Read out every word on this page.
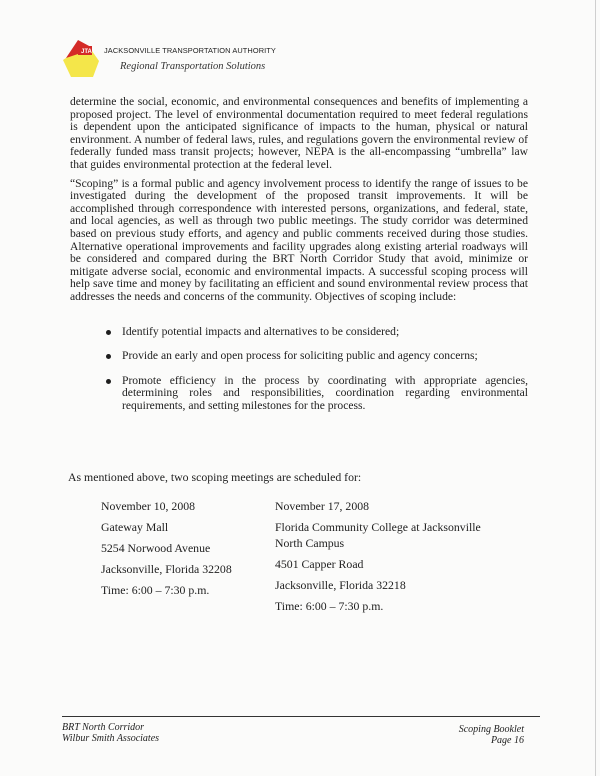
JTA JACKSONVILLE TRANSPORTATION AUTHORITY
Regional Transportation Solutions

determine the social, economic, and environmental consequences and benefits of implementing a proposed project. The level of environmental documentation required to meet federal regulations is dependent upon the anticipated significance of impacts to the human, physical or natural environment. A number of federal laws, rules, and regulations govern the environmental review of federally funded mass transit projects; however, NEPA is the all-encompassing “umbrella” law that guides environmental protection at the federal level.

“Scoping” is a formal public and agency involvement process to identify the range of issues to be investigated during the development of the proposed transit improvements. It will be accomplished through correspondence with interested persons, organizations, and federal, state, and local agencies, as well as through two public meetings. The study corridor was determined based on previous study efforts, and agency and public comments received during those studies. Alternative operational improvements and facility upgrades along existing arterial roadways will be considered and compared during the BRT North Corridor Study that avoid, minimize or mitigate adverse social, economic and environmental impacts. A successful scoping process will help save time and money by facilitating an efficient and sound environmental review process that addresses the needs and concerns of the community. Objectives of scoping include:

Identify potential impacts and alternatives to be considered;
Provide an early and open process for soliciting public and agency concerns;
Promote efficiency in the process by coordinating with appropriate agencies, determining roles and responsibilities, coordination regarding environmental requirements, and setting milestones for the process.
As mentioned above, two scoping meetings are scheduled for:
November 10, 2008
Gateway Mall
5254 Norwood Avenue
Jacksonville, Florida 32208
Time: 6:00 – 7:30 p.m.
November 17, 2008
Florida Community College at Jacksonville
North Campus
4501 Capper Road
Jacksonville, Florida 32218
Time: 6:00 – 7:30 p.m.
BRT North Corridor
Wilbur Smith Associates
Scoping Booklet
Page 16
